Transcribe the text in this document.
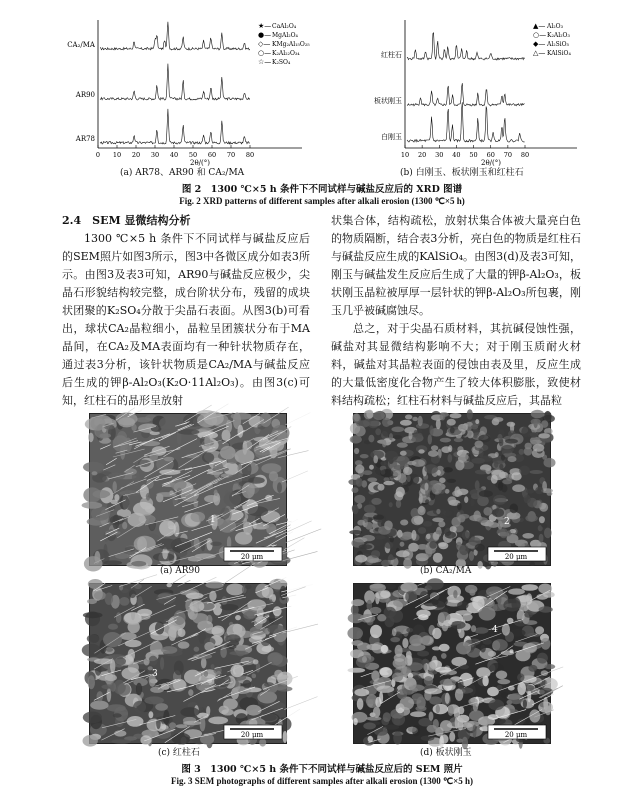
0 10 20 30 40 50 60 70 80
2θ/(°)
CA₂/MA
AR90
AR78
★— CaAl₂O₄
●— MgAl₂O₄
◇— KMg₂Al₁₅O₂₅
○— K₂Al₂₂O₃₄
☆— K₂SO₄
10 20 30 40 50 60 70 80
2θ/(°)
红柱石
板状刚玉
白刚玉
▲— Al₂O₃
○— K₂Al₂O₃
◆— Al₂SiO₅
△— KAlSiO₄
(a) AR78、AR90 和 CA₂/MA	(b) 白刚玉、板状刚玉和红柱石
图 2　1300 ℃×5 h 条件下不同试样与碱盐反应后的 XRD 图谱
Fig. 2 XRD patterns of different samples after alkali erosion (1300 ℃×5 h)

2.4　SEM 显微结构分析

1300 ℃×5 h 条件下不同试样与碱盐反应后的SEM照片如图3所示，图3中各微区成分如表3所示。由图3及表3可知，AR90与碱盐反应极少，尖晶石形貌结构较完整，成台阶状分布，残留的成块状团聚的K₂SO₄分散于尖晶石表面。从图3(b)可看出，球状CA₂晶粒细小，晶粒呈团簇状分布于MA晶间，在CA₂及MA表面均有一种针状物质存在，通过表3分析，该针状物质是CA₂/MA与碱盐反应后生成的钾β-Al₂O₃(K₂O·11Al₂O₃)。由图3(c)可知，红柱石的晶形呈放射

状集合体，结构疏松，放射状集合体被大量亮白色的物质隔断，结合表3分析，亮白色的物质是红柱石与碱盐反应生成的KAlSiO₄。由图3(d)及表3可知，刚玉与碱盐发生反应后生成了大量的钾β-Al₂O₃，板状刚玉晶粒被厚厚一层针状的钾β-Al₂O₃所包裹，刚玉几乎被碱腐蚀尽。

总之，对于尖晶石质材料，其抗碱侵蚀性强，碱盐对其显微结构影响不大；对于刚玉质耐火材料，碱盐对其晶粒表面的侵蚀由表及里，反应生成的大量低密度化合物产生了较大体积膨胀，致使材料结构疏松；红柱石材料与碱盐反应后，其晶粒

20 μm
1
20 μm
2
20 μm
3
20 μm
4
(a) AR90	(b) CA₂/MA
(c) 红柱石	(d) 板状刚玉
图 3　1300 ℃×5 h 条件下不同试样与碱盐反应后的 SEM 照片
Fig. 3 SEM photographs of different samples after alkali erosion (1300 ℃×5 h)
